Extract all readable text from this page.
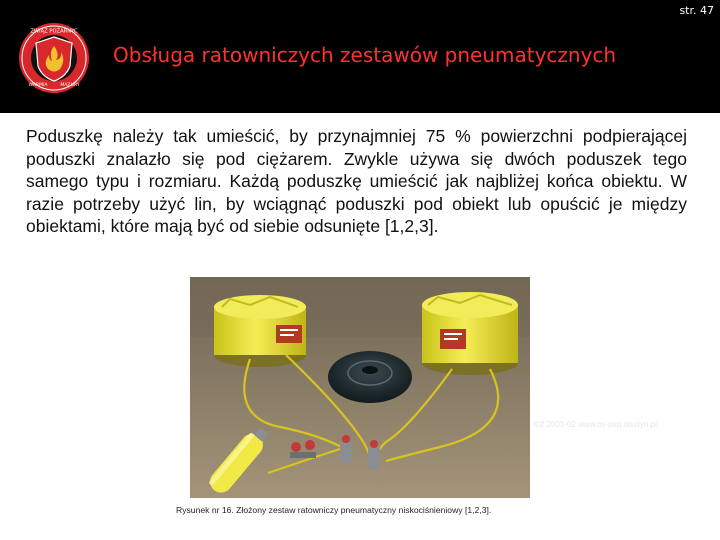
str. 47
ZWIĄZ POŻARNYC
WARMIA	MAZURY
Obsługa ratowniczych zestawów pneumatycznych

Poduszkę należy tak umieścić, by przynajmniej 75 % powierzchni podpierającej poduszki znalazło się pod ciężarem. Zwykle używa się dwóch poduszek tego samego typu i rozmiaru. Każdą poduszkę umieścić jak najbliżej końca obiektu. W razie potrzeby użyć lin, by wciągnąć poduszki pod obiekt lub opuścić je między obiektami, które mają być od siebie odsunięte [1,2,3].

©2,2001-02 www.os-psp.olsztyn.pl
Rysunek nr 16. Złożony zestaw ratowniczy pneumatyczny niskociśnieniowy [1,2,3].
